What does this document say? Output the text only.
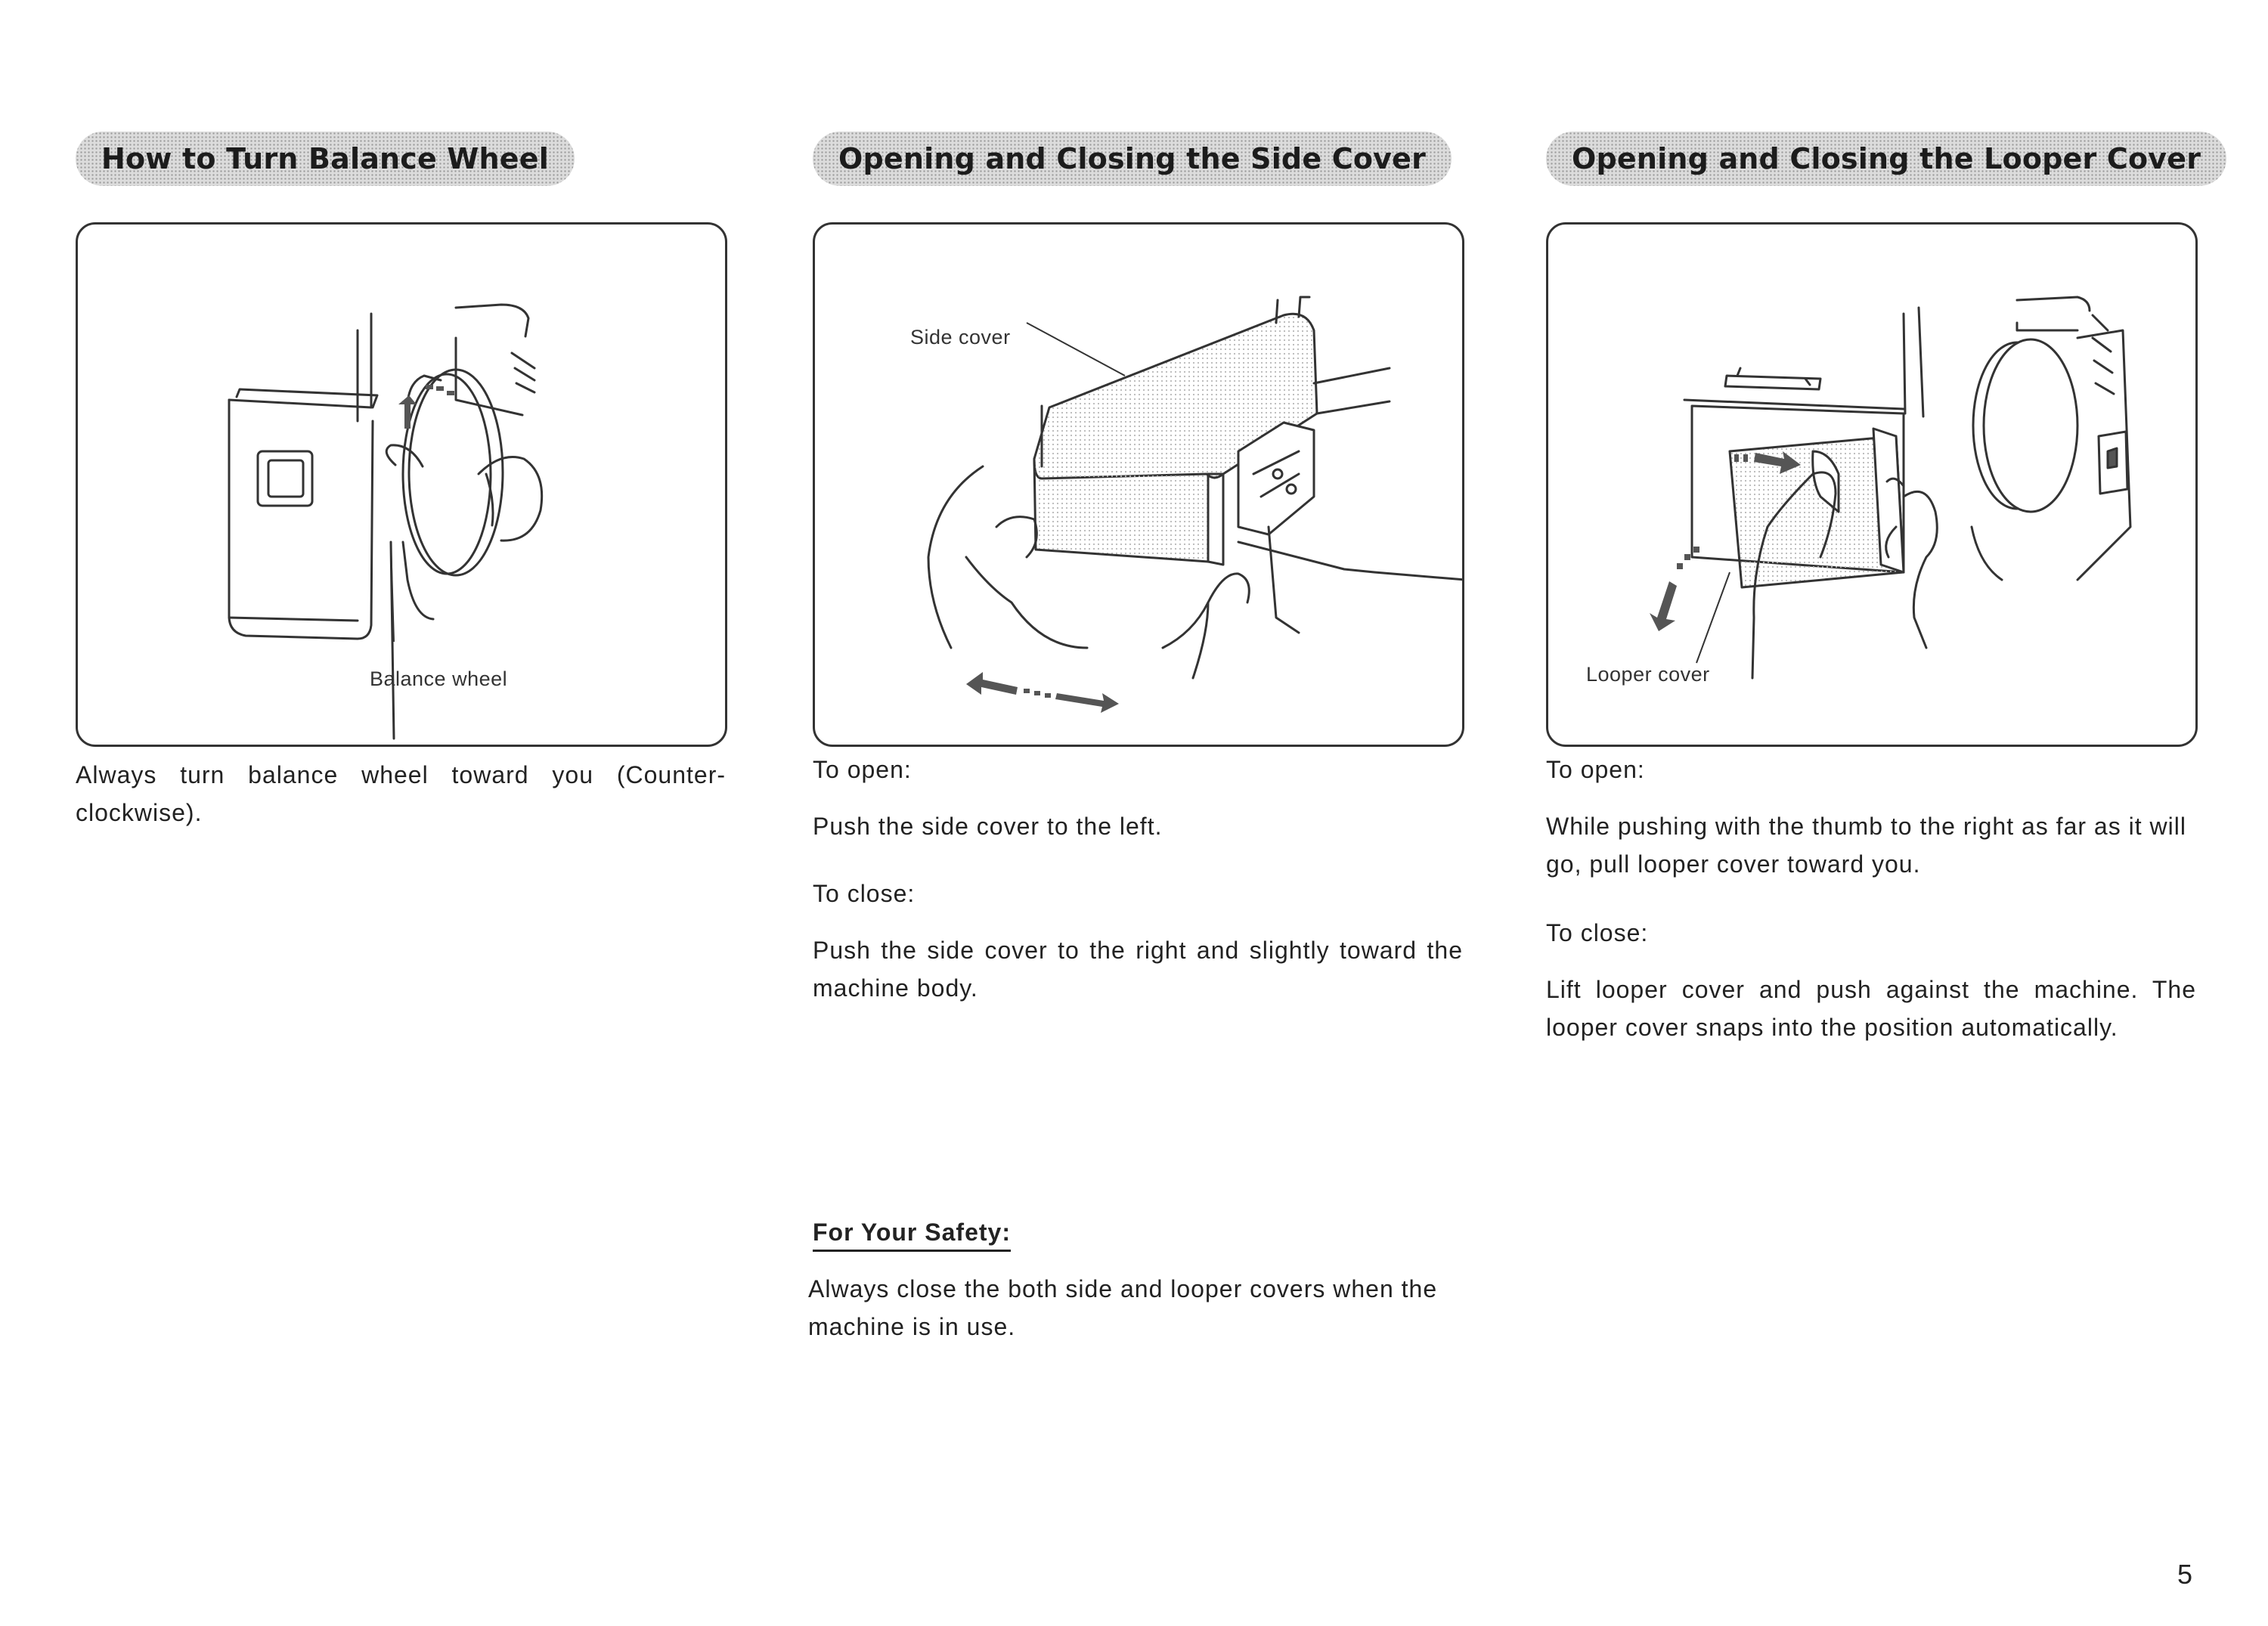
How to Turn Balance Wheel
Balance wheel

Always turn balance wheel toward you (Counter-clockwise).

Opening and Closing the Side Cover
Side cover

To open:

Push the side cover to the left.

To close:

Push the side cover to the right and slightly toward the machine body.

For Your Safety:

Always close the both side and looper covers when the machine is in use.

Opening and Closing the Looper Cover
Looper cover

To open:

While pushing with the thumb to the right as far as it will go, pull looper cover toward you.

To close:

Lift looper cover and push against the machine. The looper cover snaps into the position automatically.

5
